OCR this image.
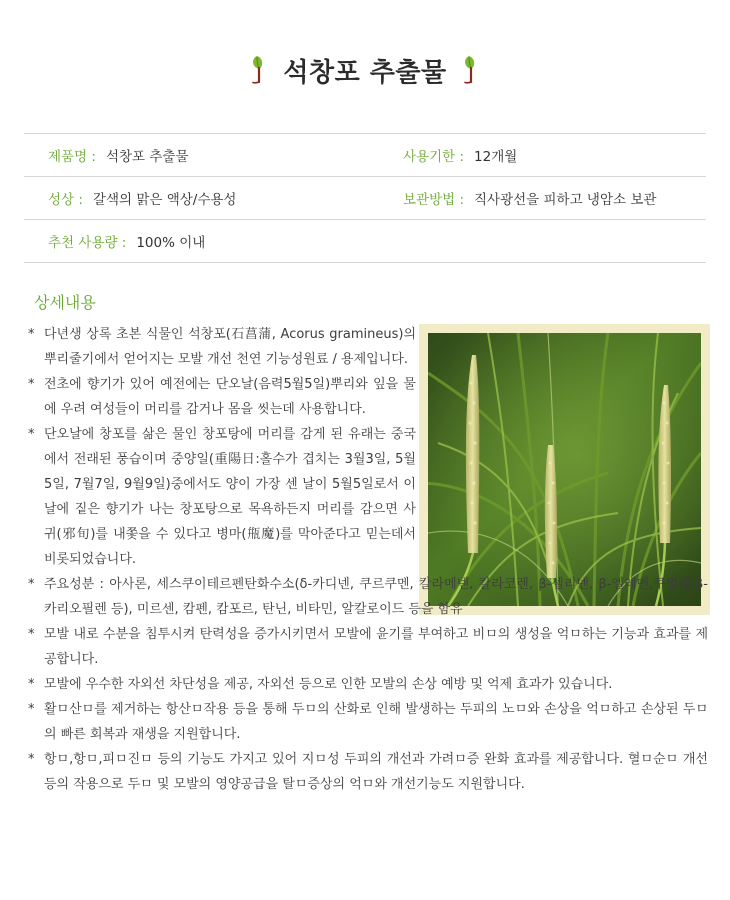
석창포 추출물
제품명 : 석창포 추출물	사용기한 : 12개월
성상 : 갈색의 맑은 액상/수용성	보관방법 : 직사광선을 피하고 냉암소 보관
추천 사용량 : 100% 이내
상세내용
* 다년생 상록 초본 식물인 석창포(石菖蒲, Acorus gramineus)의 뿌리줄기에서 얻어지는 모발 개선 천연 기능성원료 / 용제입니다.
* 전초에 향기가 있어 예전에는 단오날(음력5월5일)뿌리와 잎을 물에 우려 여성들이 머리를 감거나 몸을 씻는데 사용합니다.
* 단오날에 창포를 삶은 물인 창포탕에 머리를 감게 된 유래는 중국에서 전래된 풍습이며 중양일(重陽日:홀수가 겹치는 3월3일, 5월5일, 7월7일, 9월9일)중에서도 양이 가장 센 날이 5월5일로서 이 날에 짙은 향기가 나는 창포탕으로 목욕하든지 머리를 감으면 사귀(邪旬)를 내쫓을 수 있다고 병마(甁魔)를 막아준다고 믿는데서 비롯되었습니다.
* 주요성분 : 아사론, 세스쿠이테르펜탄화수소(δ-카디넨, 쿠르쿠멘, 칼라메넨, 칼라코렌, β-셀리넨, β-엘레멘,쿠멀렌,β-카리오필렌 등), 미르센, 캄펜, 캄포르, 탄닌, 비타민, 알칼로이드 등을 함유
* 모발 내로 수분을 침투시켜 탄력성을 증가시키면서 모발에 윤기를 부여하고 비ㅁ의 생성을 억ㅁ하는 기능과 효과를 제공합니다.
* 모발에 우수한 자외선 차단성을 제공, 자외선 등으로 인한 모발의 손상 예방 및 억제 효과가 있습니다.
* 활ㅁ산ㅁ를 제거하는 항산ㅁ작용 등을 통해 두ㅁ의 산화로 인해 발생하는 두피의 노ㅁ와 손상을 억ㅁ하고 손상된 두ㅁ의 빠른 회복과 재생을 지원합니다.
* 항ㅁ,항ㅁ,피ㅁ진ㅁ 등의 기능도 가지고 있어 지ㅁ성 두피의 개선과 가려ㅁ증 완화 효과를 제공합니다. 혈ㅁ순ㅁ 개선 등의 작용으로 두ㅁ 및 모발의 영양공급을 탈ㅁ증상의 억ㅁ와 개선기능도 지원합니다.
